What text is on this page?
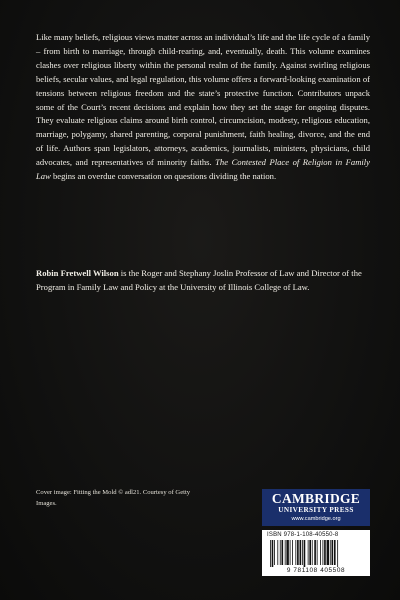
Like many beliefs, religious views matter across an individual’s life and the life cycle of a family – from birth to marriage, through child-rearing, and, eventually, death. This volume examines clashes over religious liberty within the personal realm of the family. Against swirling religious beliefs, secular values, and legal regulation, this volume offers a forward-looking examination of tensions between religious freedom and the state’s protective function. Contributors unpack some of the Court’s recent decisions and explain how they set the stage for ongoing disputes. They evaluate religious claims around birth control, circumcision, modesty, religious education, marriage, polygamy, shared parenting, corporal punishment, faith healing, divorce, and the end of life. Authors span legislators, attorneys, academics, journalists, ministers, physicians, child advocates, and representatives of minority faiths. The Contested Place of Religion in Family Law begins an overdue conversation on questions dividing the nation.

Robin Fretwell Wilson is the Roger and Stephany Joslin Professor of Law and Director of the Program in Family Law and Policy at the University of Illinois College of Law.

Cover image: Fitting the Mold © adl21. Courtesy of Getty Images.	CAMBRIDGE
UNIVERSITY PRESS
www.cambridge.org
ISBN 978-1-108-40550-8
9 781108 405508
